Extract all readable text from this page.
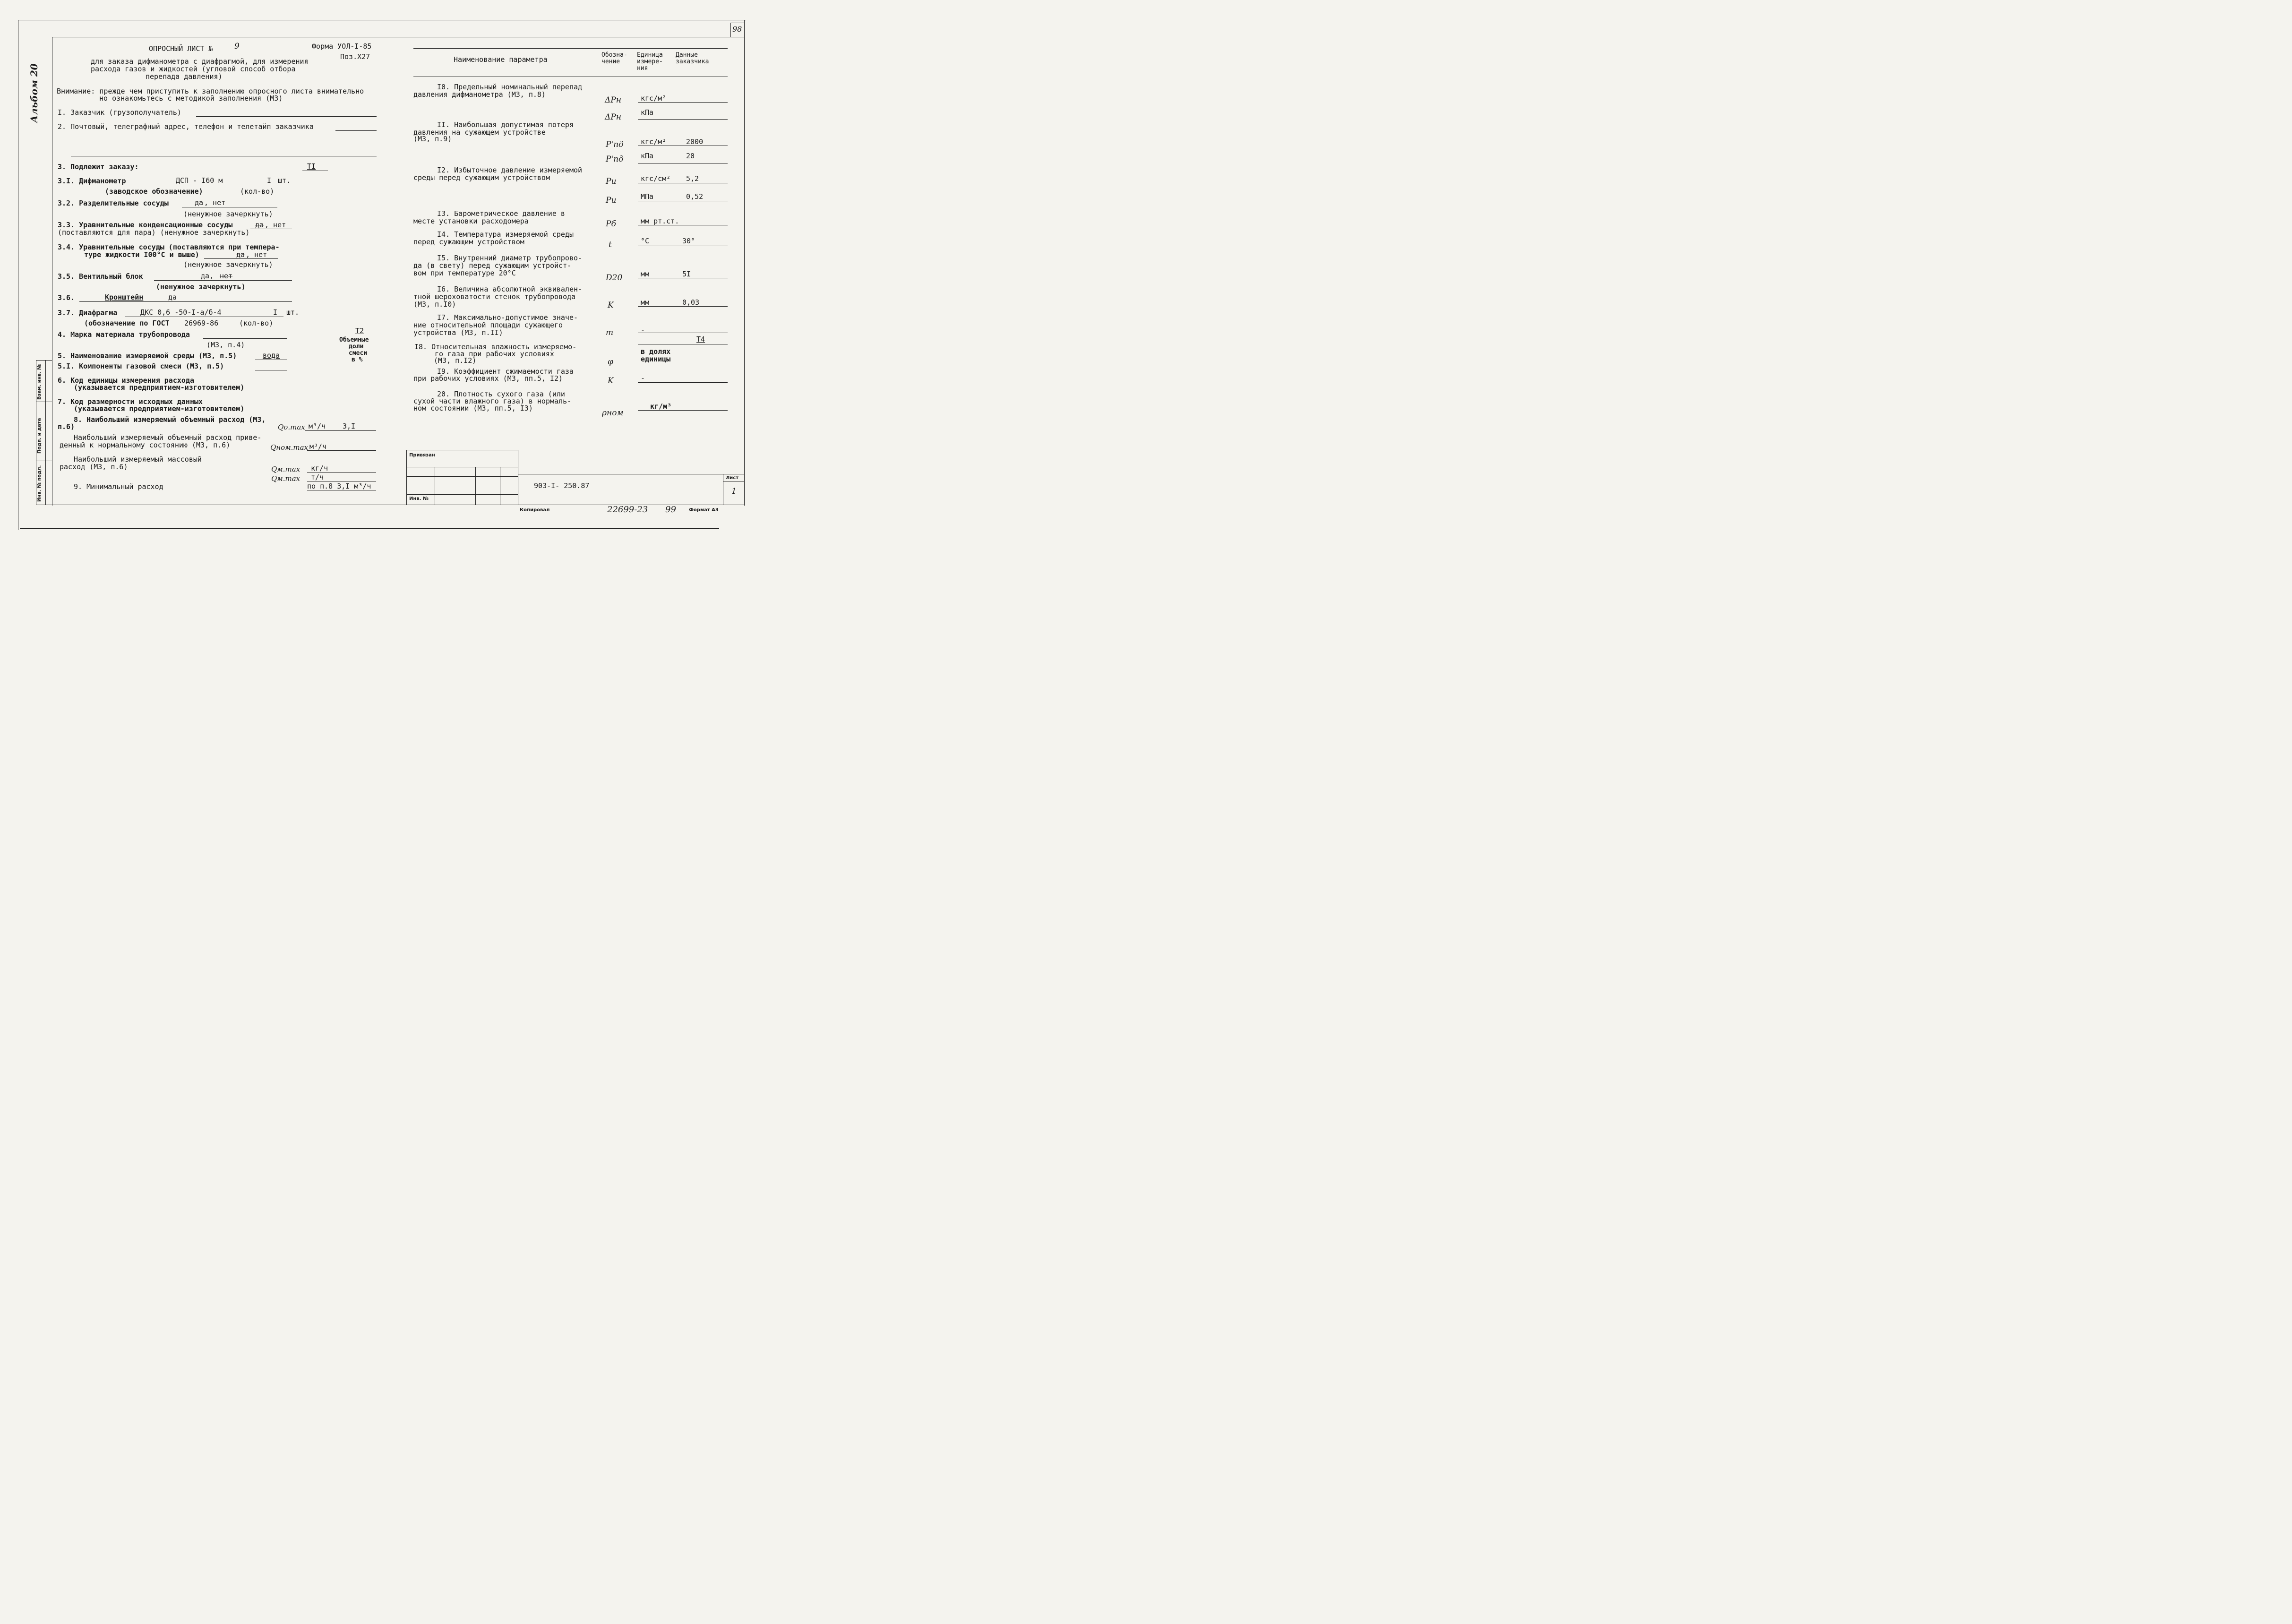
98
Альбом 20
Взам. инв. №
Подп. и дата
Инв. № подл.
ОПРОСНЫЙ ЛИСТ №	9	Форма УОЛ-I-85
Поз.Х27
для заказа дифманометра с диафрагмой, для измерения
расхода газов и жидкостей (угловой способ отбора
перепада давления)
Внимание: прежде чем приступить к заполнению опросного листа внимательно
но ознакомьтесь с методикой заполнения (МЗ)
I. Заказчик (грузополучатель)
2. Почтовый, телеграфный адрес, телефон и телетайп заказчика
3. Подлежит заказу:	TI
3.I. Дифманометр	ДСП - I60 м	I шт.
(заводское обозначение)	(кол-во)
3.2. Разделительные сосуды	да , нет
(ненужное зачеркнуть)
3.3. Уравнительные конденсационные сосуды	да , нет
(поставляются для пара) (ненужное зачеркнуть)
3.4. Уравнительные сосуды (поставляются при темпера-
туре жидкости I00°С и выше)	да , нет
(ненужное зачеркнуть)
3.5. Вентильный блок	да, нет
(ненужное зачеркнуть)
3.6.	Кронштейн	да
3.7. Диафрагма	ДКС 0,6 -50-I-а/б-4	I шт.
(обозначение по ГОСТ 26969-86	(кол-во)
4. Марка материала трубопровода
(МЗ, п.4)
5. Наименование измеряемой среды (МЗ, п.5)	вода
5.I. Компоненты газовой смеси (МЗ, п.5)
Т2
Объемные
доли
смеси
в %
6. Код единицы измерения расхода
(указывается предприятием-изготовителем)
7. Код размерности исходных данных
(указывается предприятием-изготовителем)
8. Наибольший измеряемый объемный расход (МЗ,
п.6)	Qо.max м³/ч 3,I
Наибольший измеряемый объемный расход приве-
денный к нормальному состоянию (МЗ, п.6)	Qном.max м³/ч
Наибольший измеряемый массовый
расход (МЗ, п.6)	Qм.max кг/ч
Qм.max т/ч
9. Минимальный расход	по п.8 3,I м³/ч
Наименование параметра
Обозна-
чение
Единица
измере-
ния
Данные
заказчика
I0. Предельный номинальный перепад
давления дифманометра (МЗ, п.8)
ΔPн	кгс/м²
ΔPн	кПа
II. Наибольшая допустимая потеря
давления на сужающем устройстве
(МЗ, п.9)
P'пд кгс/м²	2000
P'пд кПа	20
I2. Избыточное давление измеряемой
среды перед сужающим устройством	Pи	кгс/см² 5,2
Pи	МПа	0,52
I3. Барометрическое давление в
месте установки расходомера	Pб	мм рт.ст.
I4. Температура измеряемой среды
перед сужающим устройством	t	°С	30°
I5. Внутренний диаметр трубопрово-
да (в свету) перед сужающим устройст-
вом при температуре 20°С	D20	мм	5I
I6. Величина абсолютной эквивален-
тной шероховатости стенок трубопровода
(МЗ, п.I0)	K	мм	0,03
I7. Максимально-допустимое значе-
ние относительной площади сужающего
устройства (МЗ, п.II)	m	-
Т4
I8. Относительная влажность измеряемо-
го газа при рабочих условиях
(МЗ, п.I2)	φ
в долях
единицы
I9. Коэффициент сжимаемости газа
при рабочих условиях (МЗ, пп.5, I2)	K	-
20. Плотность сухого газа (или
сухой части влажного газа) в нормаль-
ном состоянии (МЗ, пп.5, I3)	ρном
кг/м³
Привязан
Инв. №
903-I- 250.87
Лист
1
Копировал	22699-23 99	Формат А3
